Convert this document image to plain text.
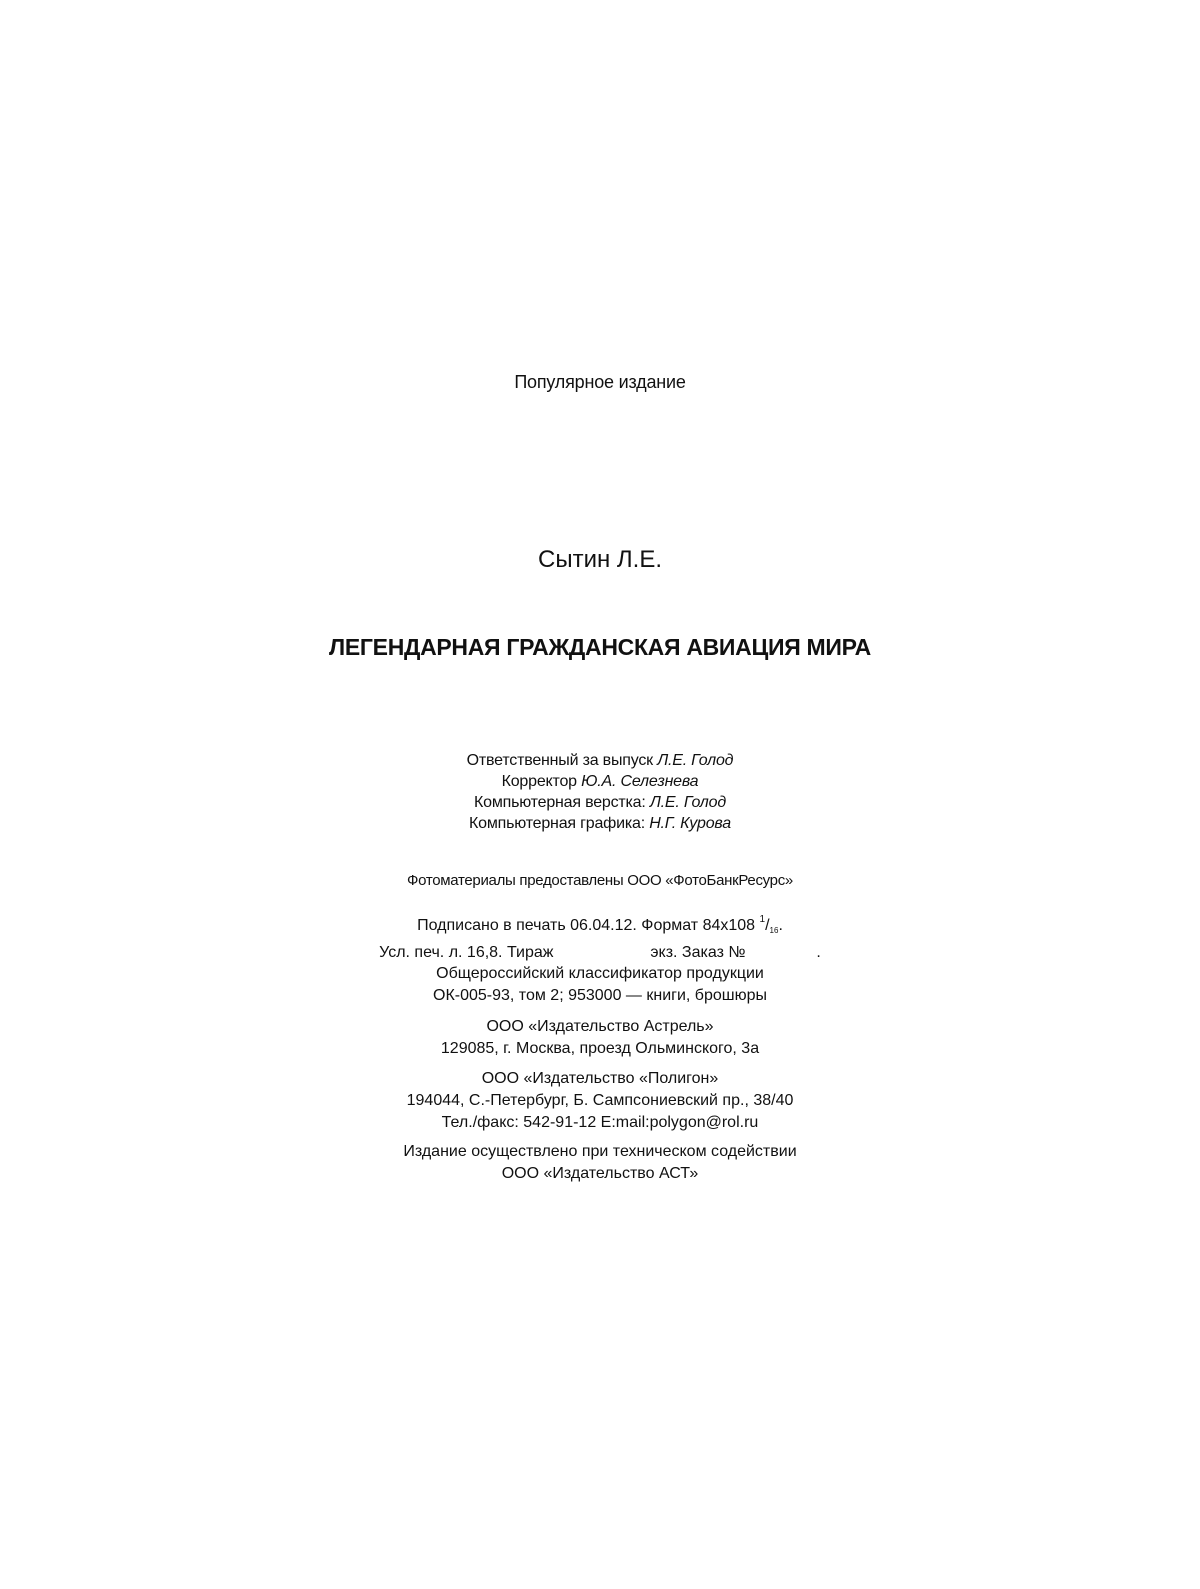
Популярное издание
Сытин Л.Е.
ЛЕГЕНДАРНАЯ ГРАЖДАНСКАЯ АВИАЦИЯ МИРА
Ответственный за выпуск Л.Е. Голод
Корректор Ю.А. Селезнева
Компьютерная верстка: Л.Е. Голод
Компьютерная графика: Н.Г. Курова
Фотоматериалы предоставлены ООО «ФотоБанкРесурс»
Подписано в печать 06.04.12. Формат 84x108 $^1$/16.
Усл. печ. л. 16,8. Тираж	экз. Заказ №	.
Общероссийский классификатор продукции
ОК-005-93, том 2; 953000 — книги, брошюры
ООО «Издательство Астрель»
129085, г. Москва, проезд Ольминского, 3а
ООО «Издательство «Полигон»
194044, С.-Петербург, Б. Сампсониевский пр., 38/40
Тел./факс: 542-91-12 E:mail:polygon@rol.ru
Издание осуществлено при техническом содействии
ООО «Издательство АСТ»
